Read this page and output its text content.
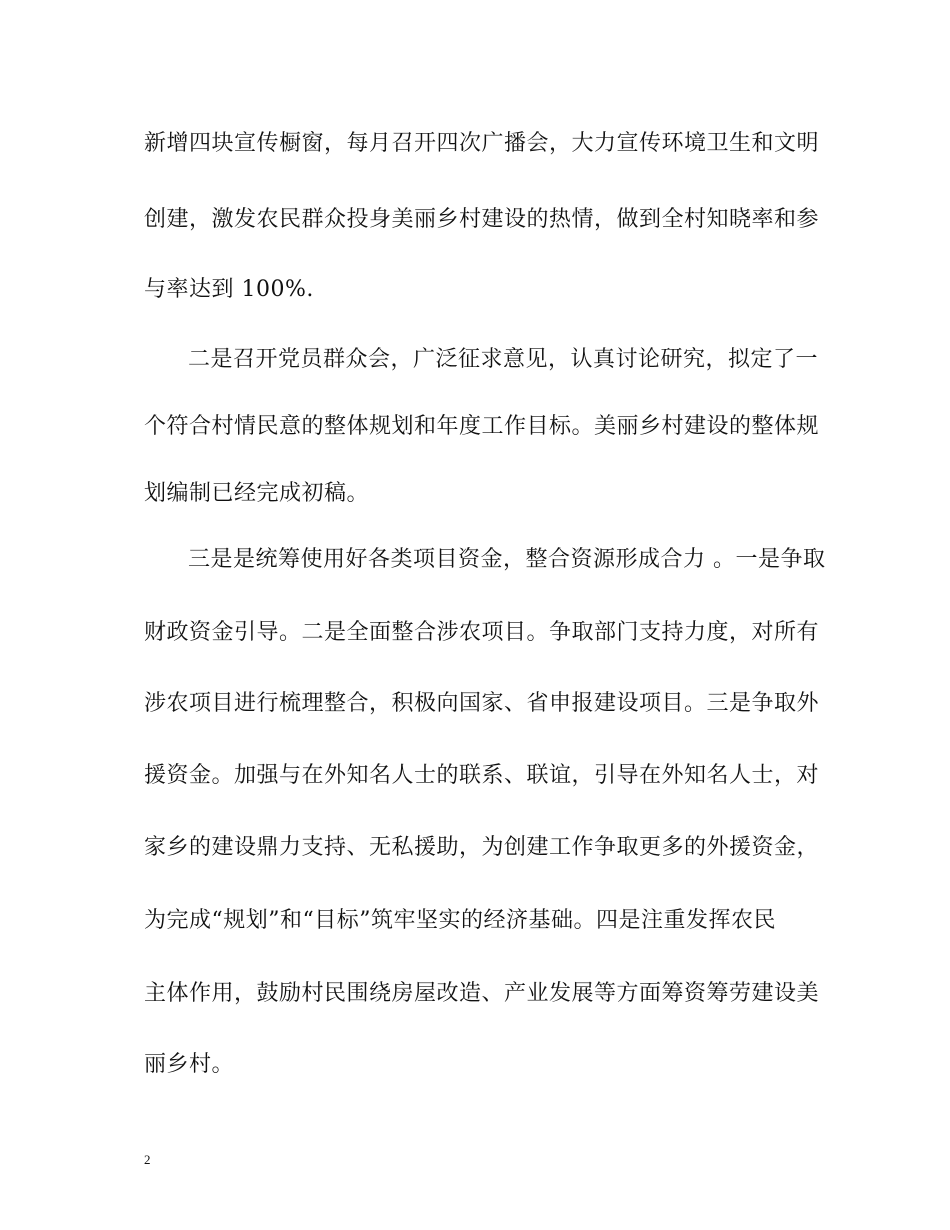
新增四块宣传橱窗，每月召开四次广播会，大力宣传环境卫生和文明
创建，激发农民群众投身美丽乡村建设的热情，做到全村知晓率和参
与率达到 100%.
二是召开党员群众会，广泛征求意见，认真讨论研究，拟定了一
个符合村情民意的整体规划和年度工作目标。美丽乡村建设的整体规
划编制已经完成初稿。
三是是统筹使用好各类项目资金，整合资源形成合力 。一是争取
财政资金引导。二是全面整合涉农项目。争取部门支持力度，对所有
涉农项目进行梳理整合，积极向国家、省申报建设项目。三是争取外
援资金。加强与在外知名人士的联系、联谊，引导在外知名人士，对
家乡的建设鼎力支持、无私援助，为创建工作争取更多的外援资金，
为完成“规划”和“目标”筑牢坚实的经济基础。四是注重发挥农民
主体作用，鼓励村民围绕房屋改造、产业发展等方面筹资筹劳建设美
丽乡村。
2
